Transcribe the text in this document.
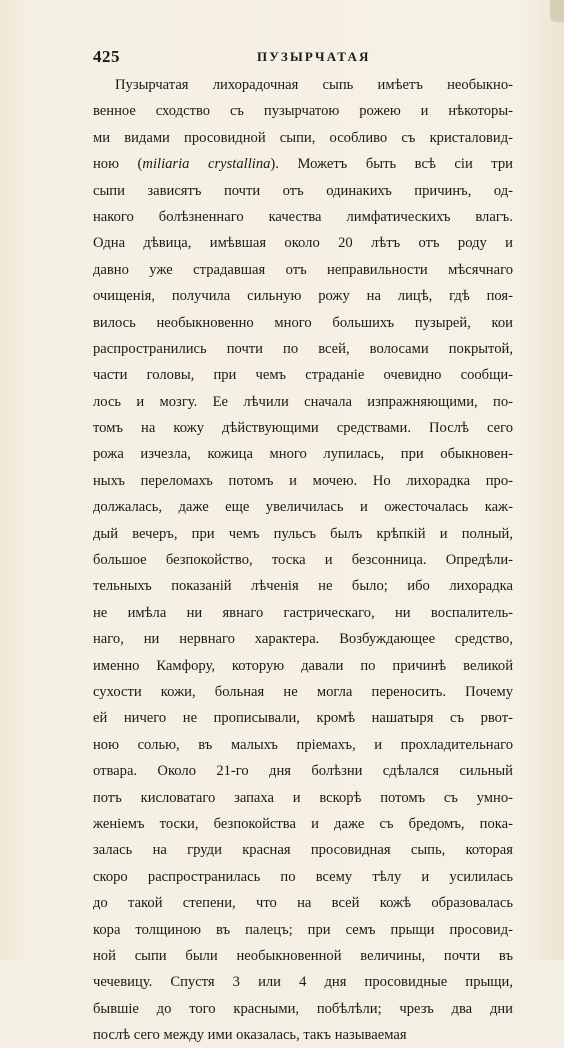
425	ПУЗЫРЧАТАЯ
Пузырчатая лихорадочная сыпь имѣетъ необыкно-
венное сходство съ пузырчатою рожею и нѣкоторы-
ми видами просовидной сыпи, особливо съ кристаловид-
ною (miliaria crystallina). Можетъ быть всѣ сіи три
сыпи зависятъ почти отъ одинакихъ причинъ, од-
накого болѣзненнаго качества лимфатическихъ влагъ.
Одна дѣвица, имѣвшая около 20 лѣтъ отъ роду и
давно уже страдавшая отъ неправильности мѣсячнаго
очищенія, получила сильную рожу на лицѣ, гдѣ поя-
вилось необыкновенно много большихъ пузырей, кои
распространились почти по всей, волосами покрытой,
части головы, при чемъ страданіе очевидно сообщи-
лось и мозгу. Ее лѣчили сначала изпражняющими, по-
томъ на кожу дѣйствующими средствами. Послѣ сего
рожа изчезла, кожица много лупилась, при обыкновен-
ныхъ переломахъ потомъ и мочею. Но лихорадка про-
должалась, даже еще увеличилась и ожесточалась каж-
дый вечеръ, при чемъ пульсъ былъ крѣпкій и полный,
большое безпокойство, тоска и безсонница. Опредѣли-
тельныхъ показаній лѣченія не было; ибо лихорадка
не имѣла ни явнаго гастрическаго, ни воспалитель-
наго, ни нервнаго характера. Возбуждающее средство,
именно Камфору, которую давали по причинѣ великой
сухости кожи, больная не могла переносить. Почему
ей ничего не прописывали, кромѣ нашатыря съ рвот-
ною солью, въ малыхъ пріемахъ, и прохладительнаго
отвара. Около 21-го дня болѣзни сдѣлался сильный
потъ кисловатаго запаха и вскорѣ потомъ съ умно-
женіемъ тоски, безпокойства и даже съ бредомъ, пока-
залась на груди красная просовидная сыпь, которая
скоро распространилась по всему тѣлу и усилилась
до такой степени, что на всей кожѣ образовалась
кора толщиною въ палецъ; при семъ прыщи просовид-
ной сыпи были необыкновенной величины, почти въ
чечевицу. Спустя 3 или 4 дня просовидные прыщи,
бывшіе до того красными, побѣлѣли; чрезъ два дни
послѣ сего между ими оказалась, такъ называемая
